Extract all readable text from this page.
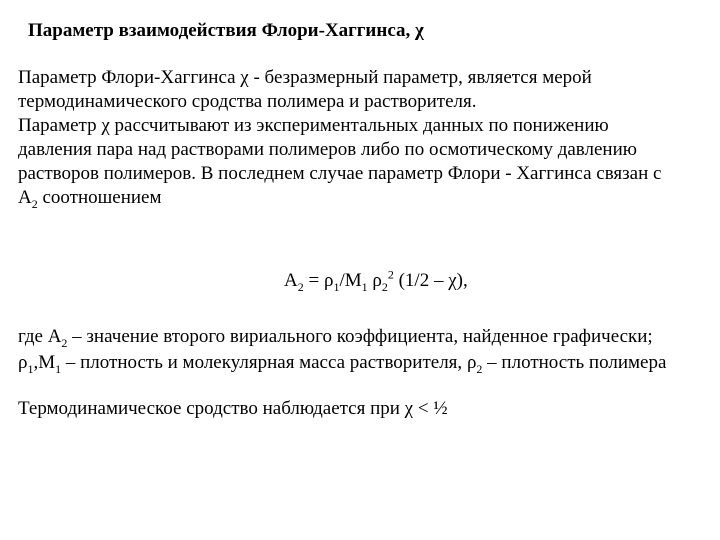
Параметр взаимодействия Флори-Хаггинса, χ
Параметр Флори-Хаггинса χ - безразмерный параметр, является мерой
термодинамического сродства полимера и растворителя.
Параметр χ рассчитывают из экспериментальных данных по понижению
давления пара над растворами полимеров либо по осмотическому давлению
растворов полимеров. В последнем случае параметр Флори - Хаггинса связан с
$A_2$ соотношением
$A_2 = \rho_1/M_1$ $\rho_2^2$ (1/2 – χ),
где $A_2$ – значение второго вириального коэффициента, найденное графически;
$\rho_1,M_1$ – плотность и молекулярная масса растворителя, $\rho_2$ – плотность полимера
Термодинамическое сродство наблюдается при χ < ½
